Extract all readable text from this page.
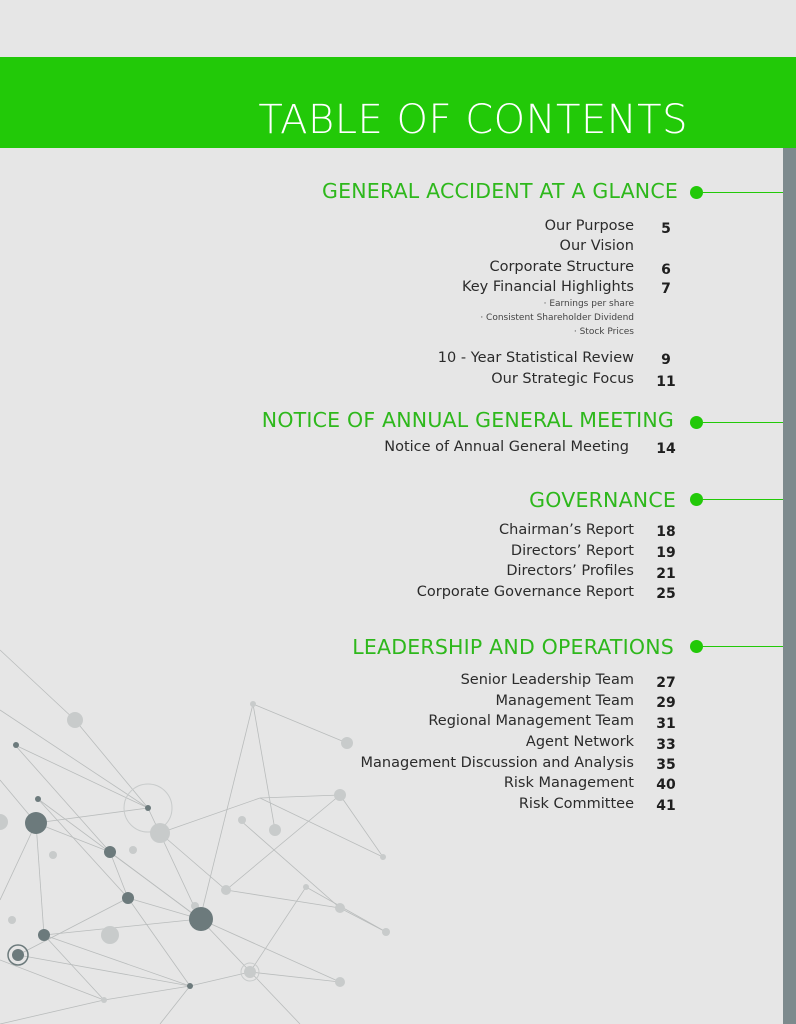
TABLE OF CONTENTS
GENERAL ACCIDENT AT A GLANCE
Our Purpose	5
Our Vision
Corporate Structure	6
Key Financial Highlights	7
· Earnings per share
· Consistent Shareholder Dividend
· Stock Prices
10 - Year Statistical Review	9
Our Strategic Focus 11
NOTICE OF ANNUAL GENERAL MEETING
Notice of Annual General Meeting 14
GOVERNANCE
Chairman’s Report 18
Directors’ Report 19
Directors’ Profiles 21
Corporate Governance Report 25
LEADERSHIP AND OPERATIONS
Senior Leadership Team 27
Management Team 29
Regional Management Team 31
Agent Network 33
Management Discussion and Analysis 35
Risk Management 40
Risk Committee 41
